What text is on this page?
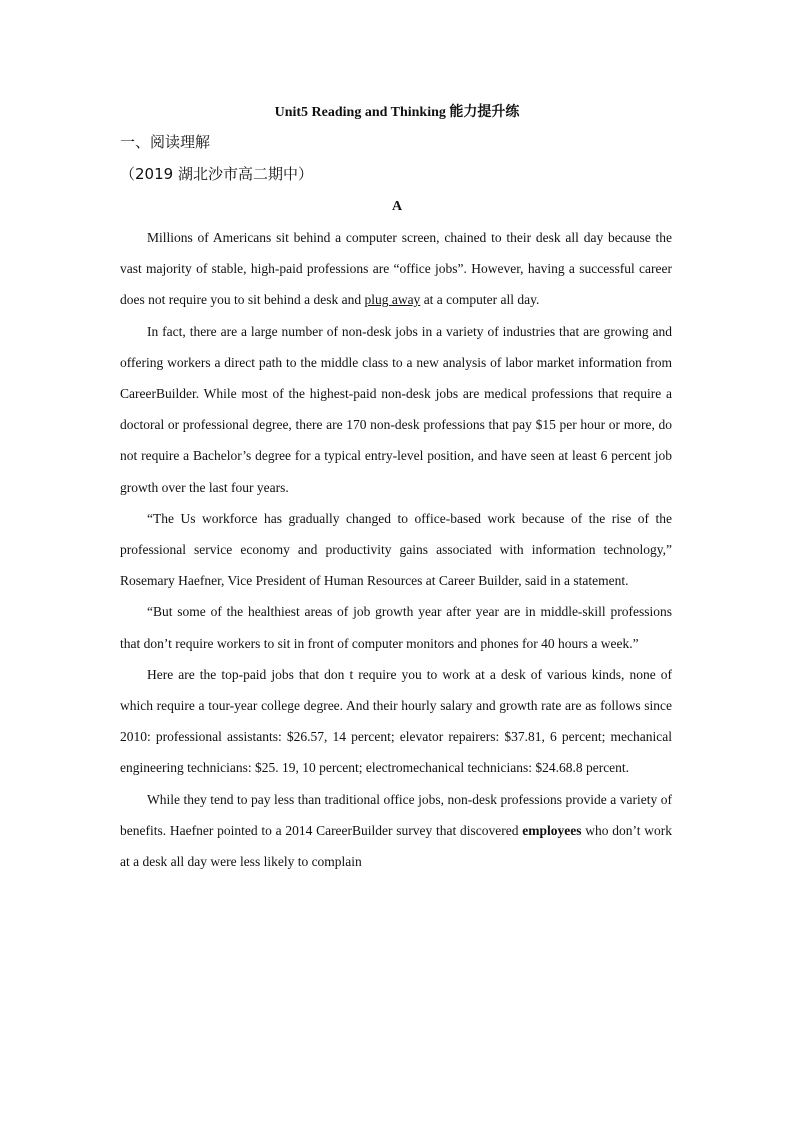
Unit5 Reading and Thinking 能力提升练
一、阅读理解
（2019 湖北沙市高二期中）
A

Millions of Americans sit behind a computer screen, chained to their desk all day because the vast majority of stable, high-paid professions are “office jobs”. However, having a successful career does not require you to sit behind a desk and plug away at a computer all day.

In fact, there are a large number of non-desk jobs in a variety of industries that are growing and offering workers a direct path to the middle class to a new analysis of labor market information from CareerBuilder. While most of the highest-paid non-desk jobs are medical professions that require a doctoral or professional degree, there are 170 non-desk professions that pay $15 per hour or more, do not require a Bachelor’s degree for a typical entry-level position, and have seen at least 6 percent job growth over the last four years.

“The Us workforce has gradually changed to office-based work because of the rise of the professional service economy and productivity gains associated with information technology,” Rosemary Haefner, Vice President of Human Resources at Career Builder, said in a statement.

“But some of the healthiest areas of job growth year after year are in middle-skill professions that don’t require workers to sit in front of computer monitors and phones for 40 hours a week.”

Here are the top-paid jobs that don t require you to work at a desk of various kinds, none of which require a tour-year college degree. And their hourly salary and growth rate are as follows since 2010: professional assistants: $26.57, 14 percent; elevator repairers: $37.81, 6 percent; mechanical engineering technicians: $25. 19, 10 percent; electromechanical technicians: $24.68.8 percent.

While they tend to pay less than traditional office jobs, non-desk professions provide a variety of benefits. Haefner pointed to a 2014 CareerBuilder survey that discovered employees who don’t work at a desk all day were less likely to complain
